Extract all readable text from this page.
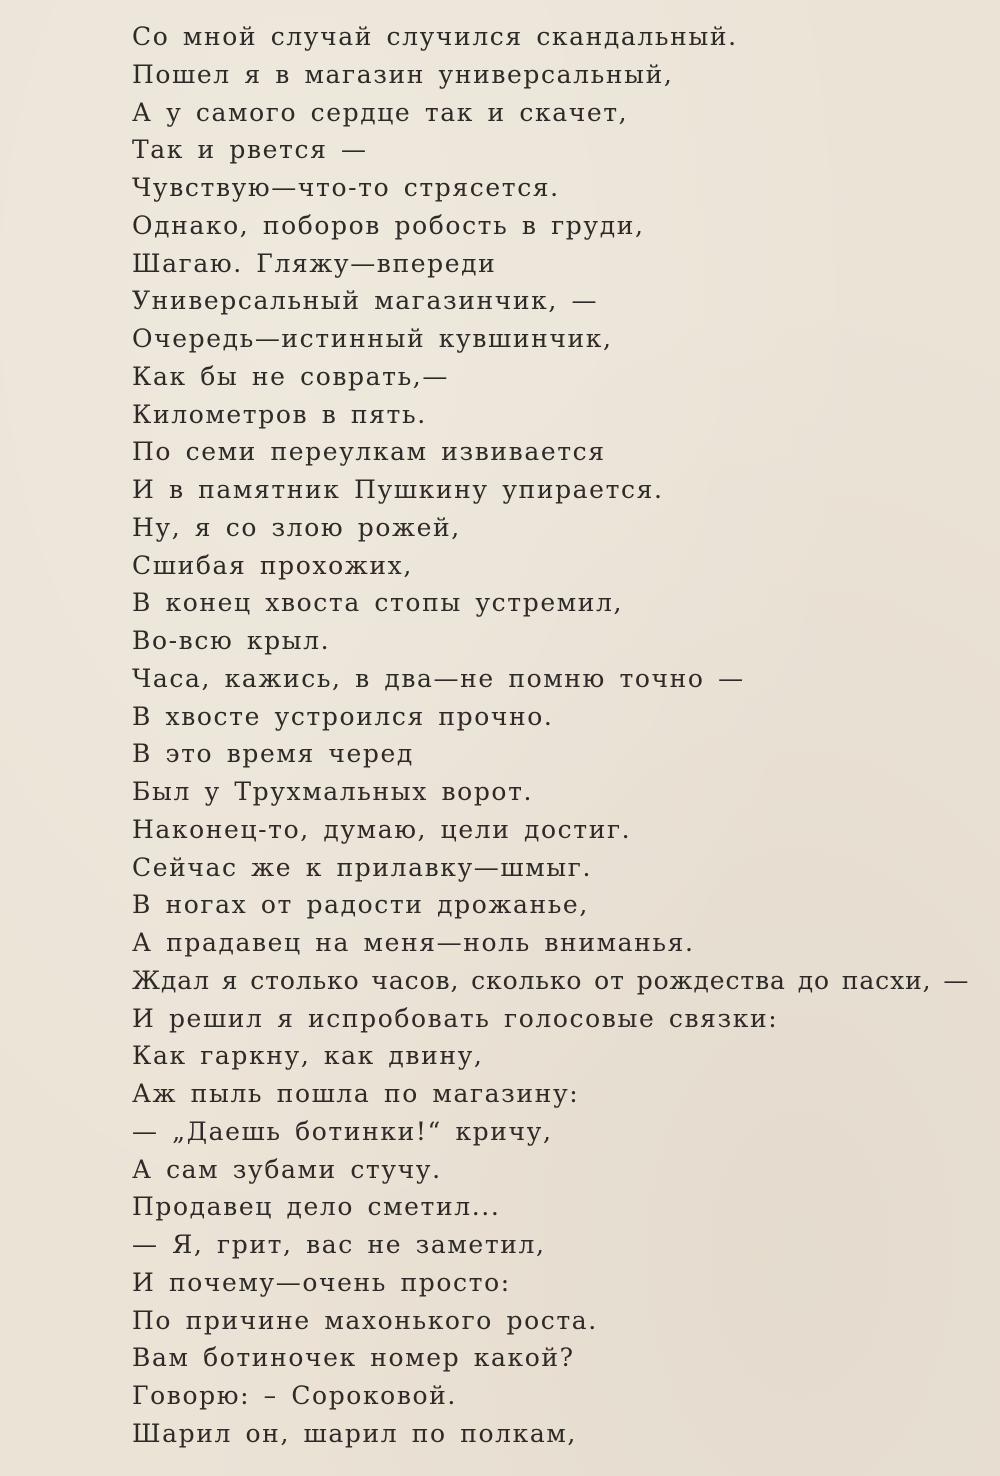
Со мной случай случился скандальный.
Пошел я в магазин универсальный,
А у самого сердце так и скачет,
Так и рвется —
Чувствую—что-то стрясется.
Однако, поборов робость в груди,
Шагаю. Гляжу—впереди
Универсальный магазинчик, —
Очередь—истинный кувшинчик,
Как бы не соврать,—
Километров в пять.
По семи переулкам извивается
И в памятник Пушкину упирается.
Ну, я со злою рожей,
Сшибая прохожих,
В конец хвоста стопы устремил,
Во-всю крыл.
Часа, кажись, в два—не помню точно —
В хвосте устроился прочно.
В это время черед
Был у Трухмальных ворот.
Наконец-то, думаю, цели достиг.
Сейчас же к прилавку—шмыг.
В ногах от радости дрожанье,
А прадавец на меня—ноль вниманья.
Ждал я столько часов, сколько от рождества до пасхи, —
И решил я испробовать голосовые связки:
Как гаркну, как двину,
Аж пыль пошла по магазину:
— „Даешь ботинки!“ кричу,
А сам зубами стучу.
Продавец дело сметил...
— Я, грит, вас не заметил,
И почему—очень просто:
По причине махонького роста.
Вам ботиночек номер какой?
Говорю: – Сороковой.
Шарил он, шарил по полкам,
